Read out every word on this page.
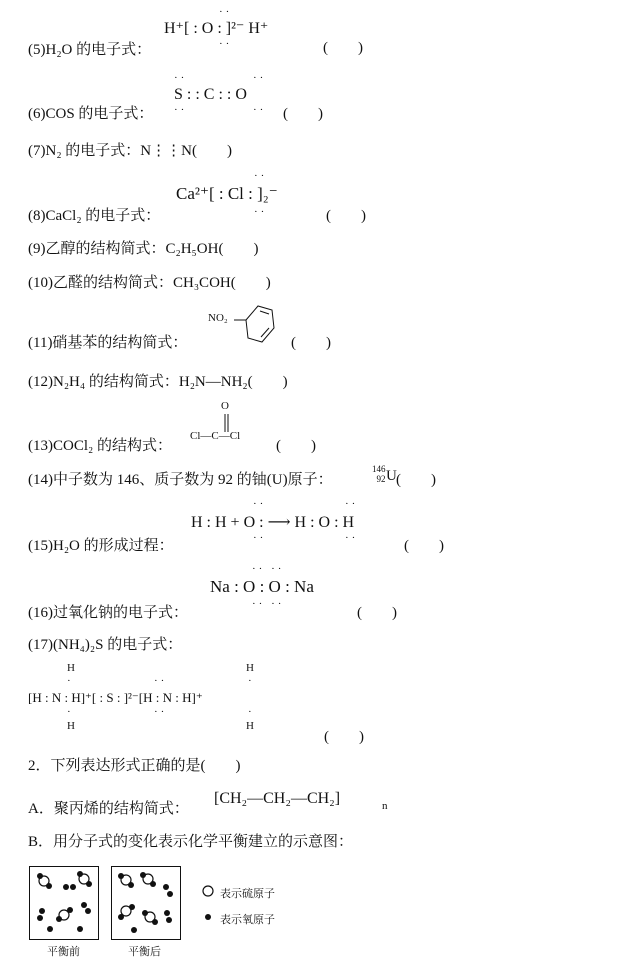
··
H⁺[ : O : ]²⁻ H⁺
··
(5)H₂O 的电子式：	(　　)
··	··
S : : C : : O
··	··
(6)COS 的电子式：	(　　)
(7)N₂ 的电子式：N⋮⋮N(　　)
··
Ca²⁺[ : Cl : ]₂⁻
··
(8)CaCl₂ 的电子式：	(　　)
(9)乙醇的结构简式：C₂H₅OH(　　)
(10)乙醛的结构简式：CH₃COH(　　)
NO₂
(11)硝基苯的结构简式：	(　　)
(12)N₂H₄ 的结构简式：H₂N—NH₂(　　)
O
Cl—C—Cl
(13)COCl₂ 的结构式：	(　　)
(14)中子数为 146、质子数为 92 的铀(U)原子：
146
92 U (　　)
··	··
H : H + O : ⟶ H : O : H
··	··
(15)H₂O 的形成过程：	(　　)
·· ··
Na : O : O : Na
·· ··
(16)过氧化钠的电子式：	(　　)
(17)(NH₄)₂S 的电子式：
H	H
·	··	·
[H : N : H]⁺[ : S : ]²⁻[H : N : H]⁺
·	··	·
H	H
(　　)
2．下列表达形式正确的是(　　)
A．聚丙烯的结构简式：
[CH₂—CH₂—CH₂]	n
B．用分子式的变化表示化学平衡建立的示意图：
平衡前	平衡后
表示硫原子
表示氧原子
